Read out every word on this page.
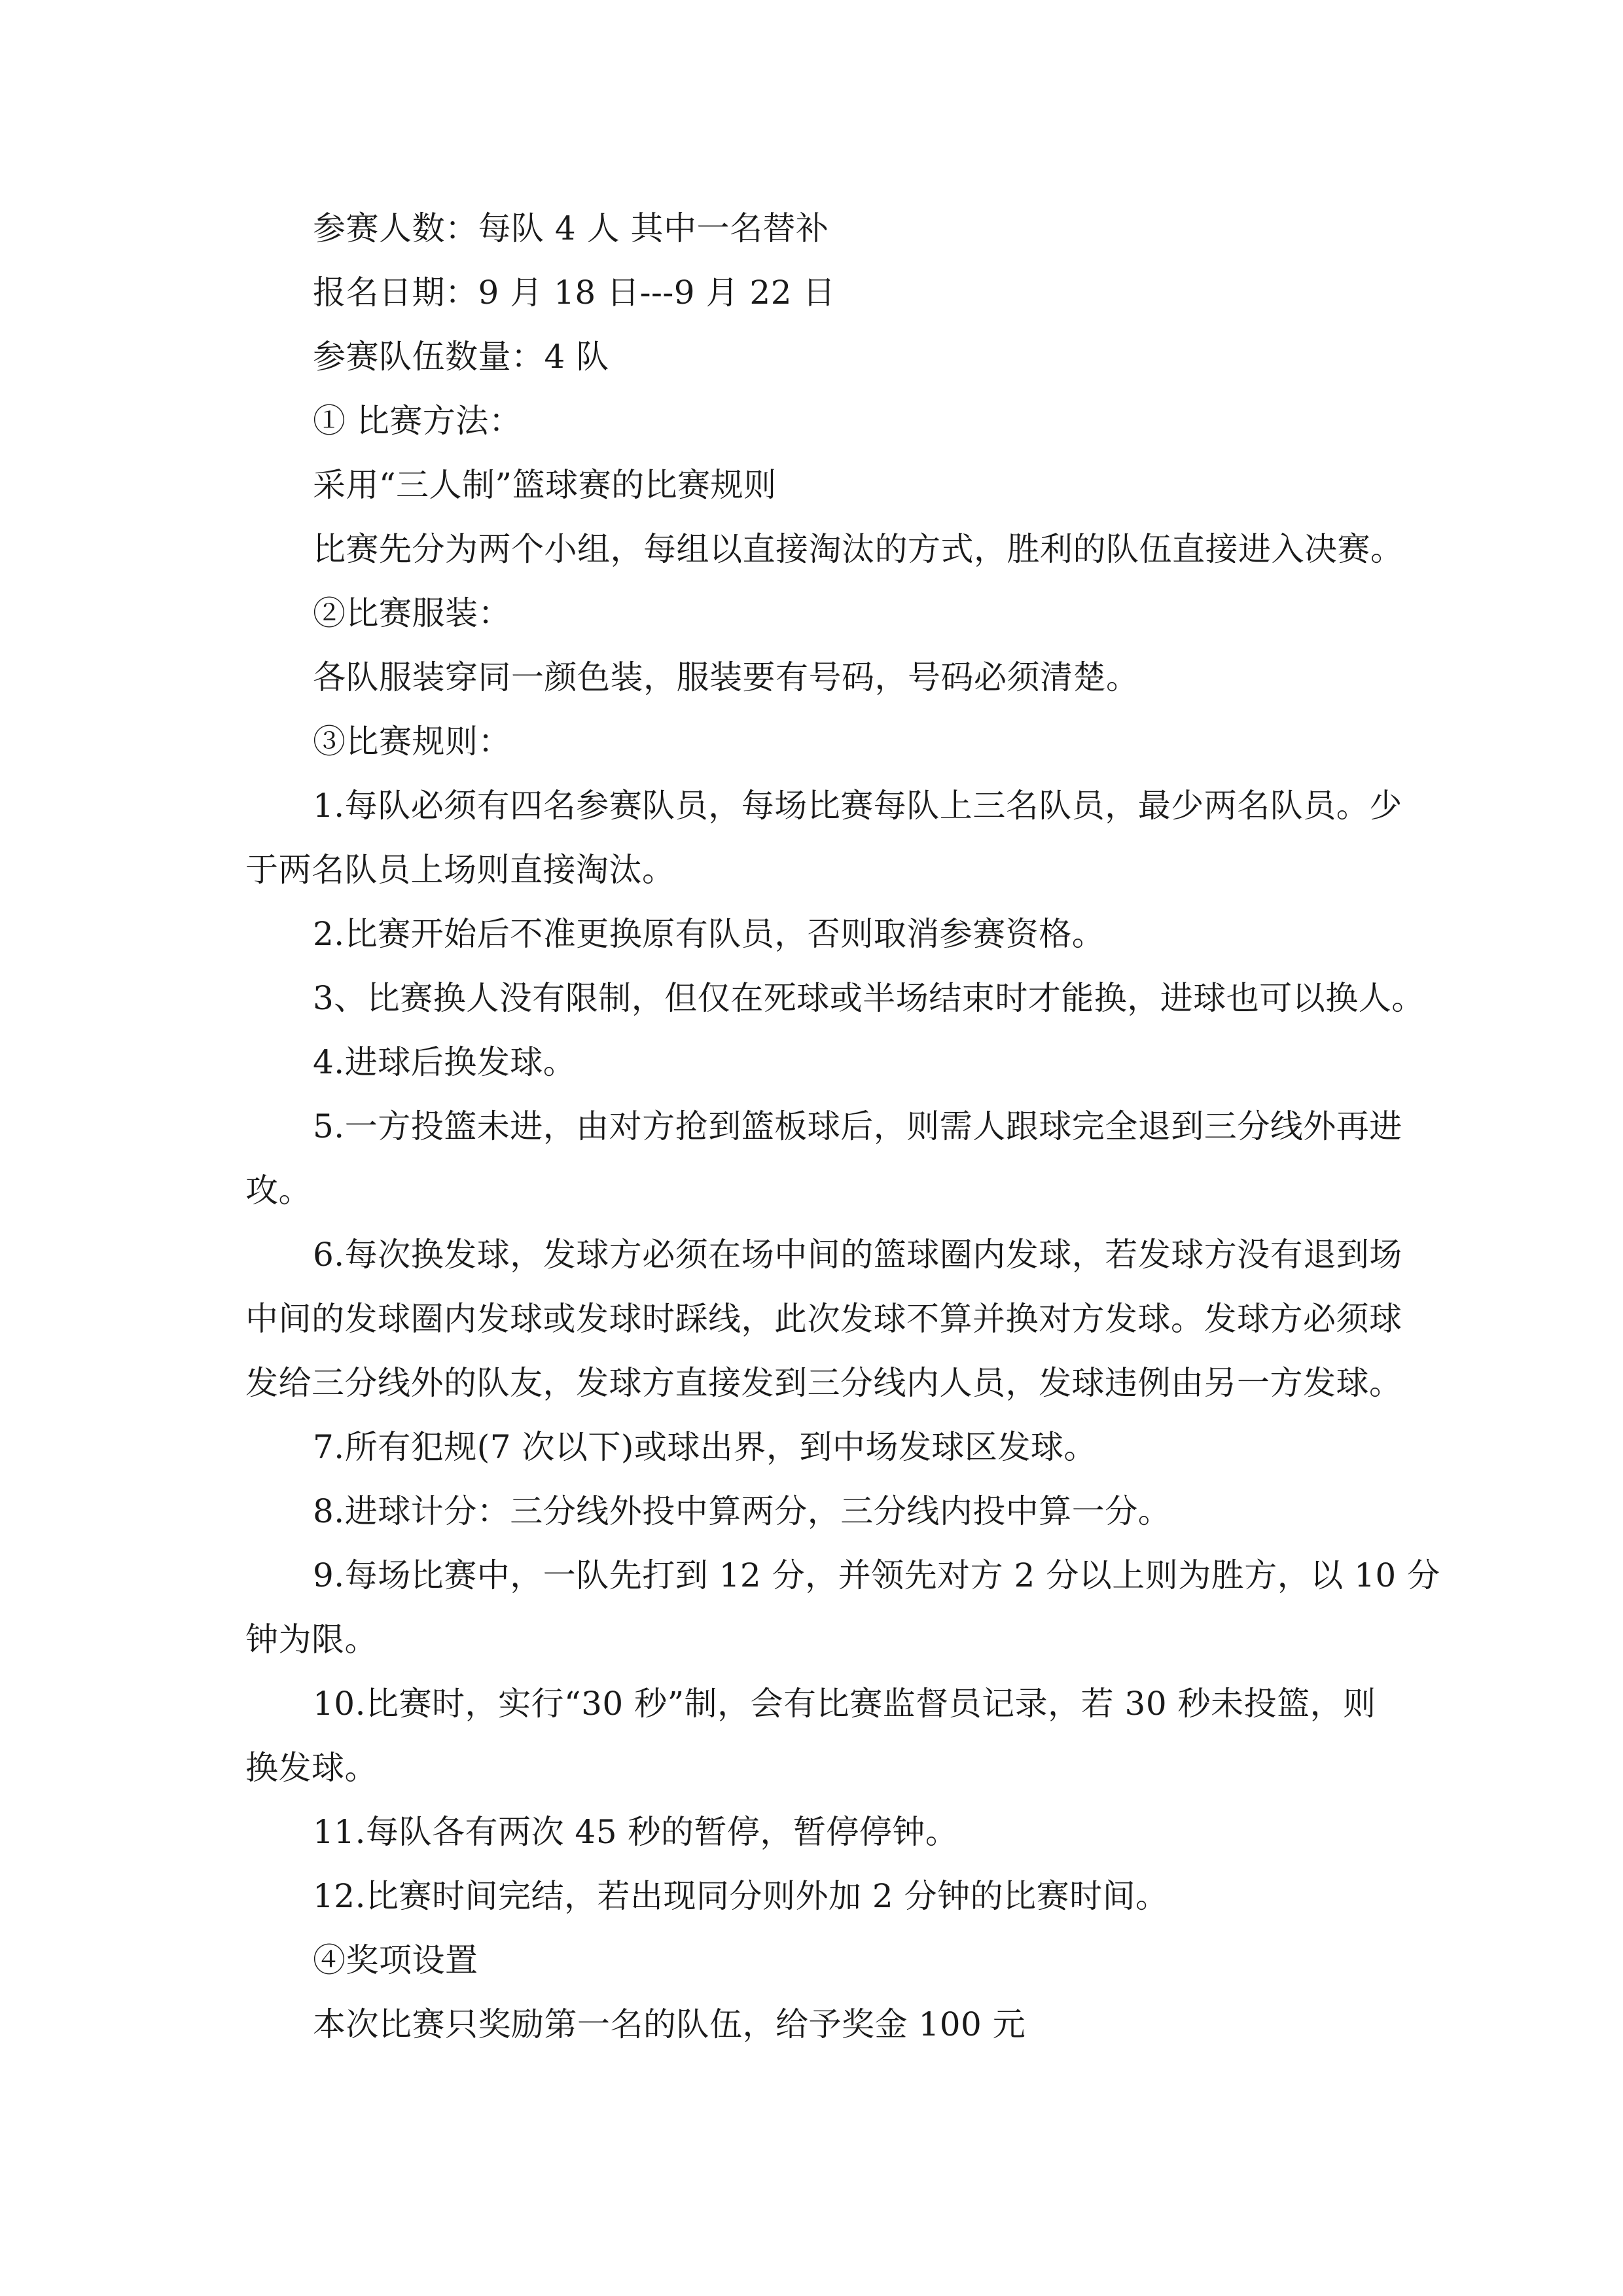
参赛人数：每队 4 人 其中一名替补
报名日期：9 月 18 日---9 月 22 日
参赛队伍数量：4 队
① 比赛方法：
采用“三人制”篮球赛的比赛规则
比赛先分为两个小组，每组以直接淘汰的方式，胜利的队伍直接进入决赛。
②比赛服装：
各队服装穿同一颜色装，服装要有号码，号码必须清楚。
③比赛规则：
1.每队必须有四名参赛队员，每场比赛每队上三名队员，最少两名队员。少
于两名队员上场则直接淘汰。
2.比赛开始后不准更换原有队员，否则取消参赛资格。
3、比赛换人没有限制，但仅在死球或半场结束时才能换，进球也可以换人。
4.进球后换发球。
5.一方投篮未进，由对方抢到篮板球后，则需人跟球完全退到三分线外再进
攻。
6.每次换发球，发球方必须在场中间的篮球圈内发球，若发球方没有退到场
中间的发球圈内发球或发球时踩线，此次发球不算并换对方发球。发球方必须球
发给三分线外的队友，发球方直接发到三分线内人员，发球违例由另一方发球。
7.所有犯规(7 次以下)或球出界，到中场发球区发球。
8.进球计分：三分线外投中算两分，三分线内投中算一分。
9.每场比赛中，一队先打到 12 分，并领先对方 2 分以上则为胜方，以 10 分
钟为限。
10.比赛时，实行“30 秒”制，会有比赛监督员记录，若 30 秒未投篮，则
换发球。
11.每队各有两次 45 秒的暂停，暂停停钟。
12.比赛时间完结，若出现同分则外加 2 分钟的比赛时间。
④奖项设置
本次比赛只奖励第一名的队伍，给予奖金 100 元
